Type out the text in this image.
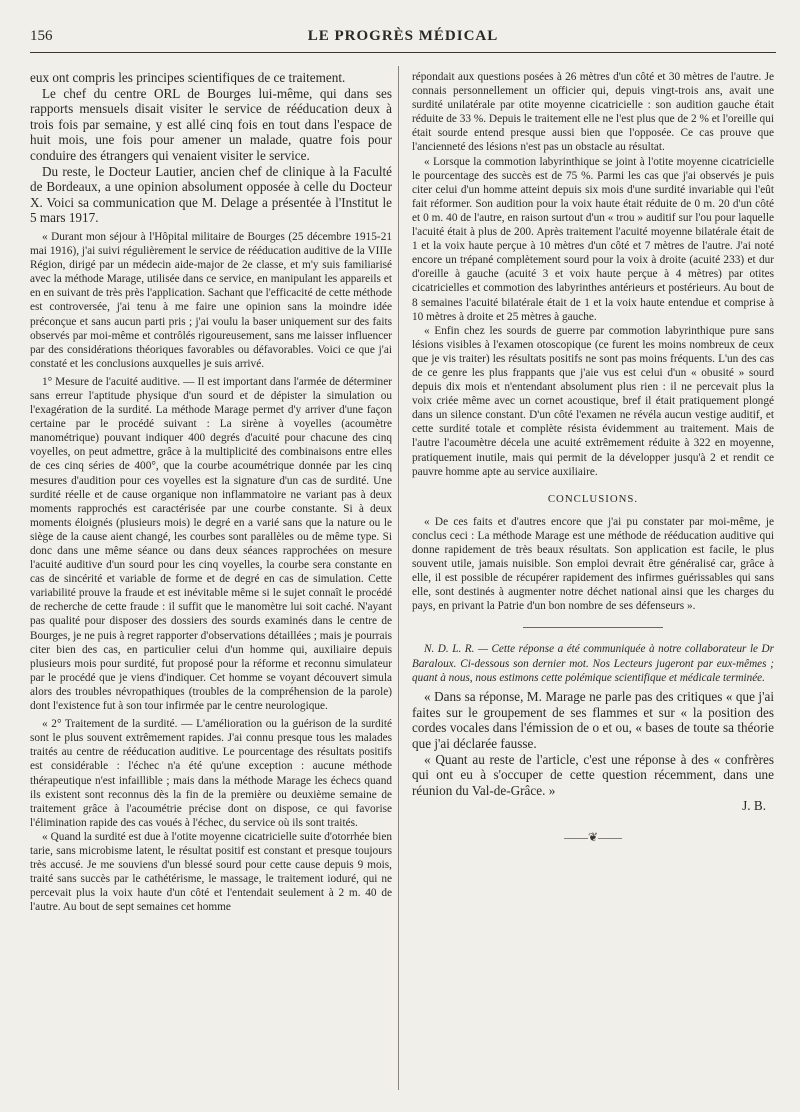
156	LE PROGRÈS MÉDICAL

eux ont compris les principes scientifiques de ce traitement.

Le chef du centre ORL de Bourges lui-même, qui dans ses rapports mensuels disait visiter le service de rééducation deux à trois fois par semaine, y est allé cinq fois en tout dans l'espace de huit mois, une fois pour amener un malade, quatre fois pour conduire des étrangers qui venaient visiter le service.

Du reste, le Docteur Lautier, ancien chef de clinique à la Faculté de Bordeaux, a une opinion absolument opposée à celle du Docteur X. Voici sa communication que M. Delage a présentée à l'Institut le 5 mars 1917.

« Durant mon séjour à l'Hôpital militaire de Bourges (25 décembre 1915-21 mai 1916), j'ai suivi régulièrement le service de rééducation auditive de la VIIIe Région, dirigé par un médecin aide-major de 2e classe, et m'y suis familiarisé avec la méthode Marage, utilisée dans ce service, en manipulant les appareils et en en suivant de très près l'application. Sachant que l'efficacité de cette méthode est controversée, j'ai tenu à me faire une opinion sans la moindre idée préconçue et sans aucun parti pris ; j'ai voulu la baser uniquement sur des faits observés par moi-même et contrôlés rigoureusement, sans me laisser influencer par des considérations théoriques favorables ou défavorables. Voici ce que j'ai constaté et les conclusions auxquelles je suis arrivé.

1° Mesure de l'acuité auditive. — Il est important dans l'armée de déterminer sans erreur l'aptitude physique d'un sourd et de dépister la simulation ou l'exagération de la surdité. La méthode Marage permet d'y arriver d'une façon certaine par le procédé suivant : La sirène à voyelles (acoumètre manométrique) pouvant indiquer 400 degrés d'acuité pour chacune des cinq voyelles, on peut admettre, grâce à la multiplicité des combinaisons entre elles de ces cinq séries de 400°, que la courbe acoumétrique donnée par les cinq mesures d'audition pour ces voyelles est la signature d'un cas de surdité. Une surdité réelle et de cause organique non inflammatoire ne variant pas à deux moments rapprochés est caractérisée par une courbe constante. Si à deux moments éloignés (plusieurs mois) le degré en a varié sans que la nature ou le siège de la cause aient changé, les courbes sont parallèles ou de même type. Si donc dans une même séance ou dans deux séances rapprochées on mesure l'acuité auditive d'un sourd pour les cinq voyelles, la courbe sera constante en cas de sincérité et variable de forme et de degré en cas de simulation. Cette variabilité prouve la fraude et est inévitable même si le sujet connaît le procédé de recherche de cette fraude : il suffit que le manomètre lui soit caché. N'ayant pas qualité pour disposer des dossiers des sourds examinés dans le centre de Bourges, je ne puis à regret rapporter d'observations détaillées ; mais je pourrais citer bien des cas, en particulier celui d'un homme qui, auxiliaire depuis plusieurs mois pour surdité, fut proposé pour la réforme et reconnu simulateur par le procédé que je viens d'indiquer. Cet homme se voyant découvert simula alors des troubles névropathiques (troubles de la compréhension de la parole) dont l'existence fut à son tour infirmée par le centre neurologique.

« 2° Traitement de la surdité. — L'amélioration ou la guérison de la surdité sont le plus souvent extrêmement rapides. J'ai connu presque tous les malades traités au centre de rééducation auditive. Le pourcentage des résultats positifs est considérable : l'échec n'a été qu'une exception : aucune méthode thérapeutique n'est infaillible ; mais dans la méthode Marage les échecs quand ils existent sont reconnus dès la fin de la première ou deuxième semaine de traitement grâce à l'acoumétrie précise dont on dispose, ce qui favorise l'élimination rapide des cas voués à l'échec, du service où ils sont traités.

« Quand la surdité est due à l'otite moyenne cicatricielle suite d'otorrhée bien tarie, sans microbisme latent, le résultat positif est constant et presque toujours très accusé. Je me souviens d'un blessé sourd pour cette cause depuis 9 mois, traité sans succès par le cathétérisme, le massage, le traitement ioduré, qui ne percevait plus la voix haute d'un côté et l'entendait seulement à 2 m. 40 de l'autre. Au bout de sept semaines cet homme

répondait aux questions posées à 26 mètres d'un côté et 30 mètres de l'autre. Je connais personnellement un officier qui, depuis vingt-trois ans, avait une surdité unilatérale par otite moyenne cicatricielle : son audition gauche était réduite de 33 %. Depuis le traitement elle ne l'est plus que de 2 % et l'oreille qui était sourde entend presque aussi bien que l'opposée. Ce cas prouve que l'ancienneté des lésions n'est pas un obstacle au résultat.

« Lorsque la commotion labyrinthique se joint à l'otite moyenne cicatricielle le pourcentage des succès est de 75 %. Parmi les cas que j'ai observés je puis citer celui d'un homme atteint depuis six mois d'une surdité invariable qui l'eût fait réformer. Son audition pour la voix haute était réduite de 0 m. 20 d'un côté et 0 m. 40 de l'autre, en raison surtout d'un « trou » auditif sur l'ou pour laquelle l'acuité était à plus de 200. Après traitement l'acuité moyenne bilatérale était de 1 et la voix haute perçue à 10 mètres d'un côté et 7 mètres de l'autre. J'ai noté encore un trépané complètement sourd pour la voix à droite (acuité 233) et dur d'oreille à gauche (acuité 3 et voix haute perçue à 4 mètres) par otites cicatricielles et commotion des labyrinthes antérieurs et postérieurs. Au bout de 8 semaines l'acuité bilatérale était de 1 et la voix haute entendue et comprise à 10 mètres à droite et 25 mètres à gauche.

« Enfin chez les sourds de guerre par commotion labyrinthique pure sans lésions visibles à l'examen otoscopique (ce furent les moins nombreux de ceux que je vis traiter) les résultats positifs ne sont pas moins fréquents. L'un des cas de ce genre les plus frappants que j'aie vus est celui d'un « obusité » sourd depuis dix mois et n'entendant absolument plus rien : il ne percevait plus la voix criée même avec un cornet acoustique, bref il était pratiquement plongé dans un silence constant. D'un côté l'examen ne révéla aucun vestige auditif, et cette surdité totale et complète résista évidemment au traitement. Mais de l'autre l'acoumètre décela une acuité extrêmement réduite à 322 en moyenne, pratiquement inutile, mais qui permit de la développer jusqu'à 2 et rendit ce pauvre homme apte au service auxiliaire.

CONCLUSIONS.

« De ces faits et d'autres encore que j'ai pu constater par moi-même, je conclus ceci : La méthode Marage est une méthode de rééducation auditive qui donne rapidement de très beaux résultats. Son application est facile, le plus souvent utile, jamais nuisible. Son emploi devrait être généralisé car, grâce à elle, il est possible de récupérer rapidement des infirmes guérissables qui sans elle, sont destinés à augmenter notre déchet national ainsi que les charges du pays, en privant la Patrie d'un bon nombre de ses défenseurs ».

N. D. L. R. — Cette réponse a été communiquée à notre collaborateur le Dr Baraloux. Ci-dessous son dernier mot. Nos Lecteurs jugeront par eux-mêmes ; quant à nous, nous estimons cette polémique scientifique et médicale terminée.

« Dans sa réponse, M. Marage ne parle pas des critiques « que j'ai faites sur le groupement de ses flammes et sur « la position des cordes vocales dans l'émission de o et ou, « bases de toute sa théorie que j'ai déclarée fausse.

« Quant au reste de l'article, c'est une réponse à des « confrères qui ont eu à s'occuper de cette question récemment, dans une réunion du Val-de-Grâce. »

J. B.

——❦——
